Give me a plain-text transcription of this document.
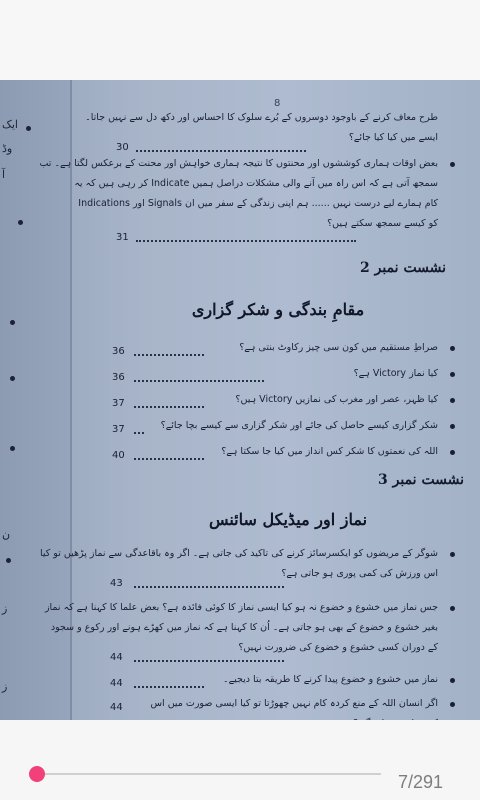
ایک
وڈ
آ
ن
ز
ز
8
طرح معاف کرنے کے باوجود دوسروں کے بُرے سلوک کا احساس اور دکھ دل سے نہیں جاتا۔
ایسے میں کیا کیا جائے؟
30
بعض اوقات ہماری کوششوں اور محنتوں کا نتیجہ ہماری خواہش اور محنت کے برعکس لگتا ہے۔ تب
سمجھ آتی ہے کہ اس راہ میں آنے والی مشکلات دراصل ہمیں Indicate کر رہی ہیں کہ یہ
کام ہمارے لیے درست نہیں ...... ہم اپنی زندگی کے سفر میں ان Signals اور Indications
کو کیسے سمجھ سکتے ہیں؟
31
نشست نمبر 2
مقامِ بندگی و شکر گزاری
صراطِ مستقیم میں کون سی چیز رکاوٹ بنتی ہے؟
36
کیا نماز Victory ہے؟
36
کیا ظہر، عصر اور مغرب کی نمازیں Victory ہیں؟
37
شکر گزاری کیسے حاصل کی جائے اور شکر گزاری سے کیسے بچا جائے؟
37
اللہ کی نعمتوں کا شکر کس انداز میں کیا جا سکتا ہے؟
40
نشست نمبر 3
نماز اور میڈیکل سائنس
شوگر کے مریضوں کو ایکسرسائز کرنے کی تاکید کی جاتی ہے۔ اگر وہ باقاعدگی سے نماز پڑھیں تو کیا
اس ورزش کی کمی پوری ہو جاتی ہے؟
43
جس نماز میں خشوع و خضوع نہ ہو کیا ایسی نماز کا کوئی فائدہ ہے؟ بعض علما کا کہنا ہے کہ نماز
بغیر خشوع و خضوع کے بھی ہو جاتی ہے۔ اُن کا کہنا ہے کہ نماز میں کھڑے ہونے اور رکوع و سجود
کے دوران کسی خشوع و خضوع کی ضرورت نہیں؟
44
نماز میں خشوع و خضوع پیدا کرنے کا طریقہ بتا دیجیے۔
44
اگر انسان اللہ کے منع کردہ کام نہیں چھوڑتا تو کیا ایسی صورت میں اس
44
7/291
